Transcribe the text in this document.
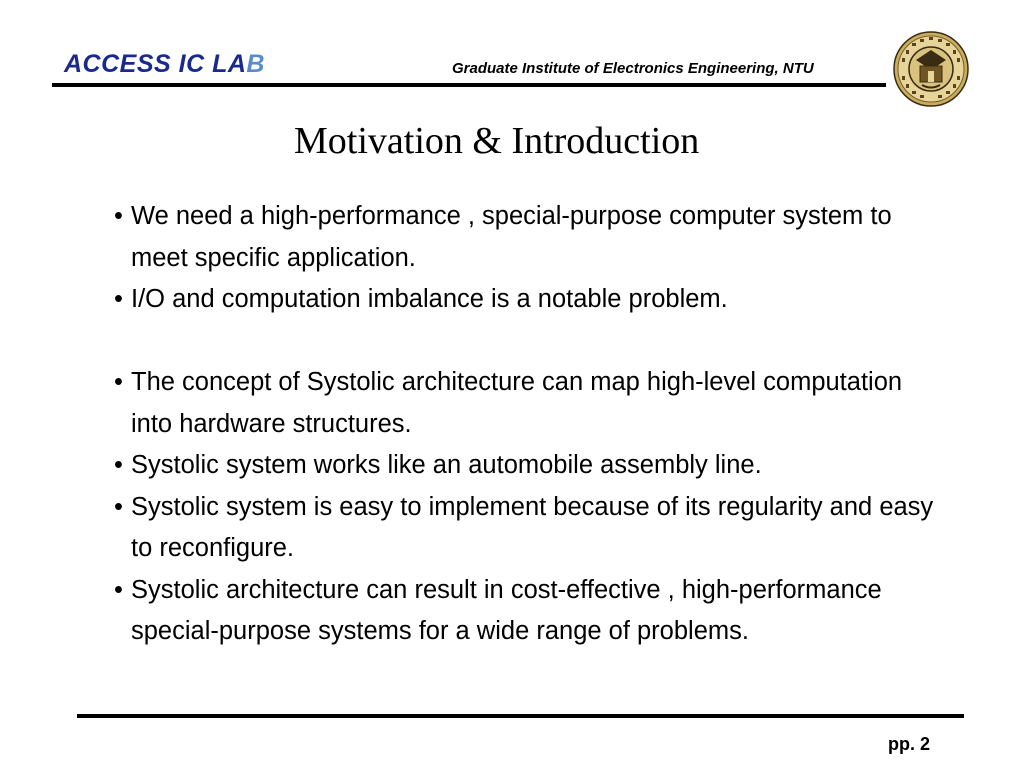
ACCESS IC LAB	Graduate Institute of Electronics Engineering, NTU
Motivation & Introduction
• We need a high-performance , special-purpose computer system to meet specific application.
• I/O and computation imbalance is a notable problem.
• The concept of Systolic architecture can map high-level computation into hardware structures.
• Systolic system works like an automobile assembly line.
• Systolic system is easy to implement because of its regularity and easy to reconfigure.
• Systolic architecture can result in cost-effective , high-performance special-purpose systems for a wide range of problems.
pp. 2
